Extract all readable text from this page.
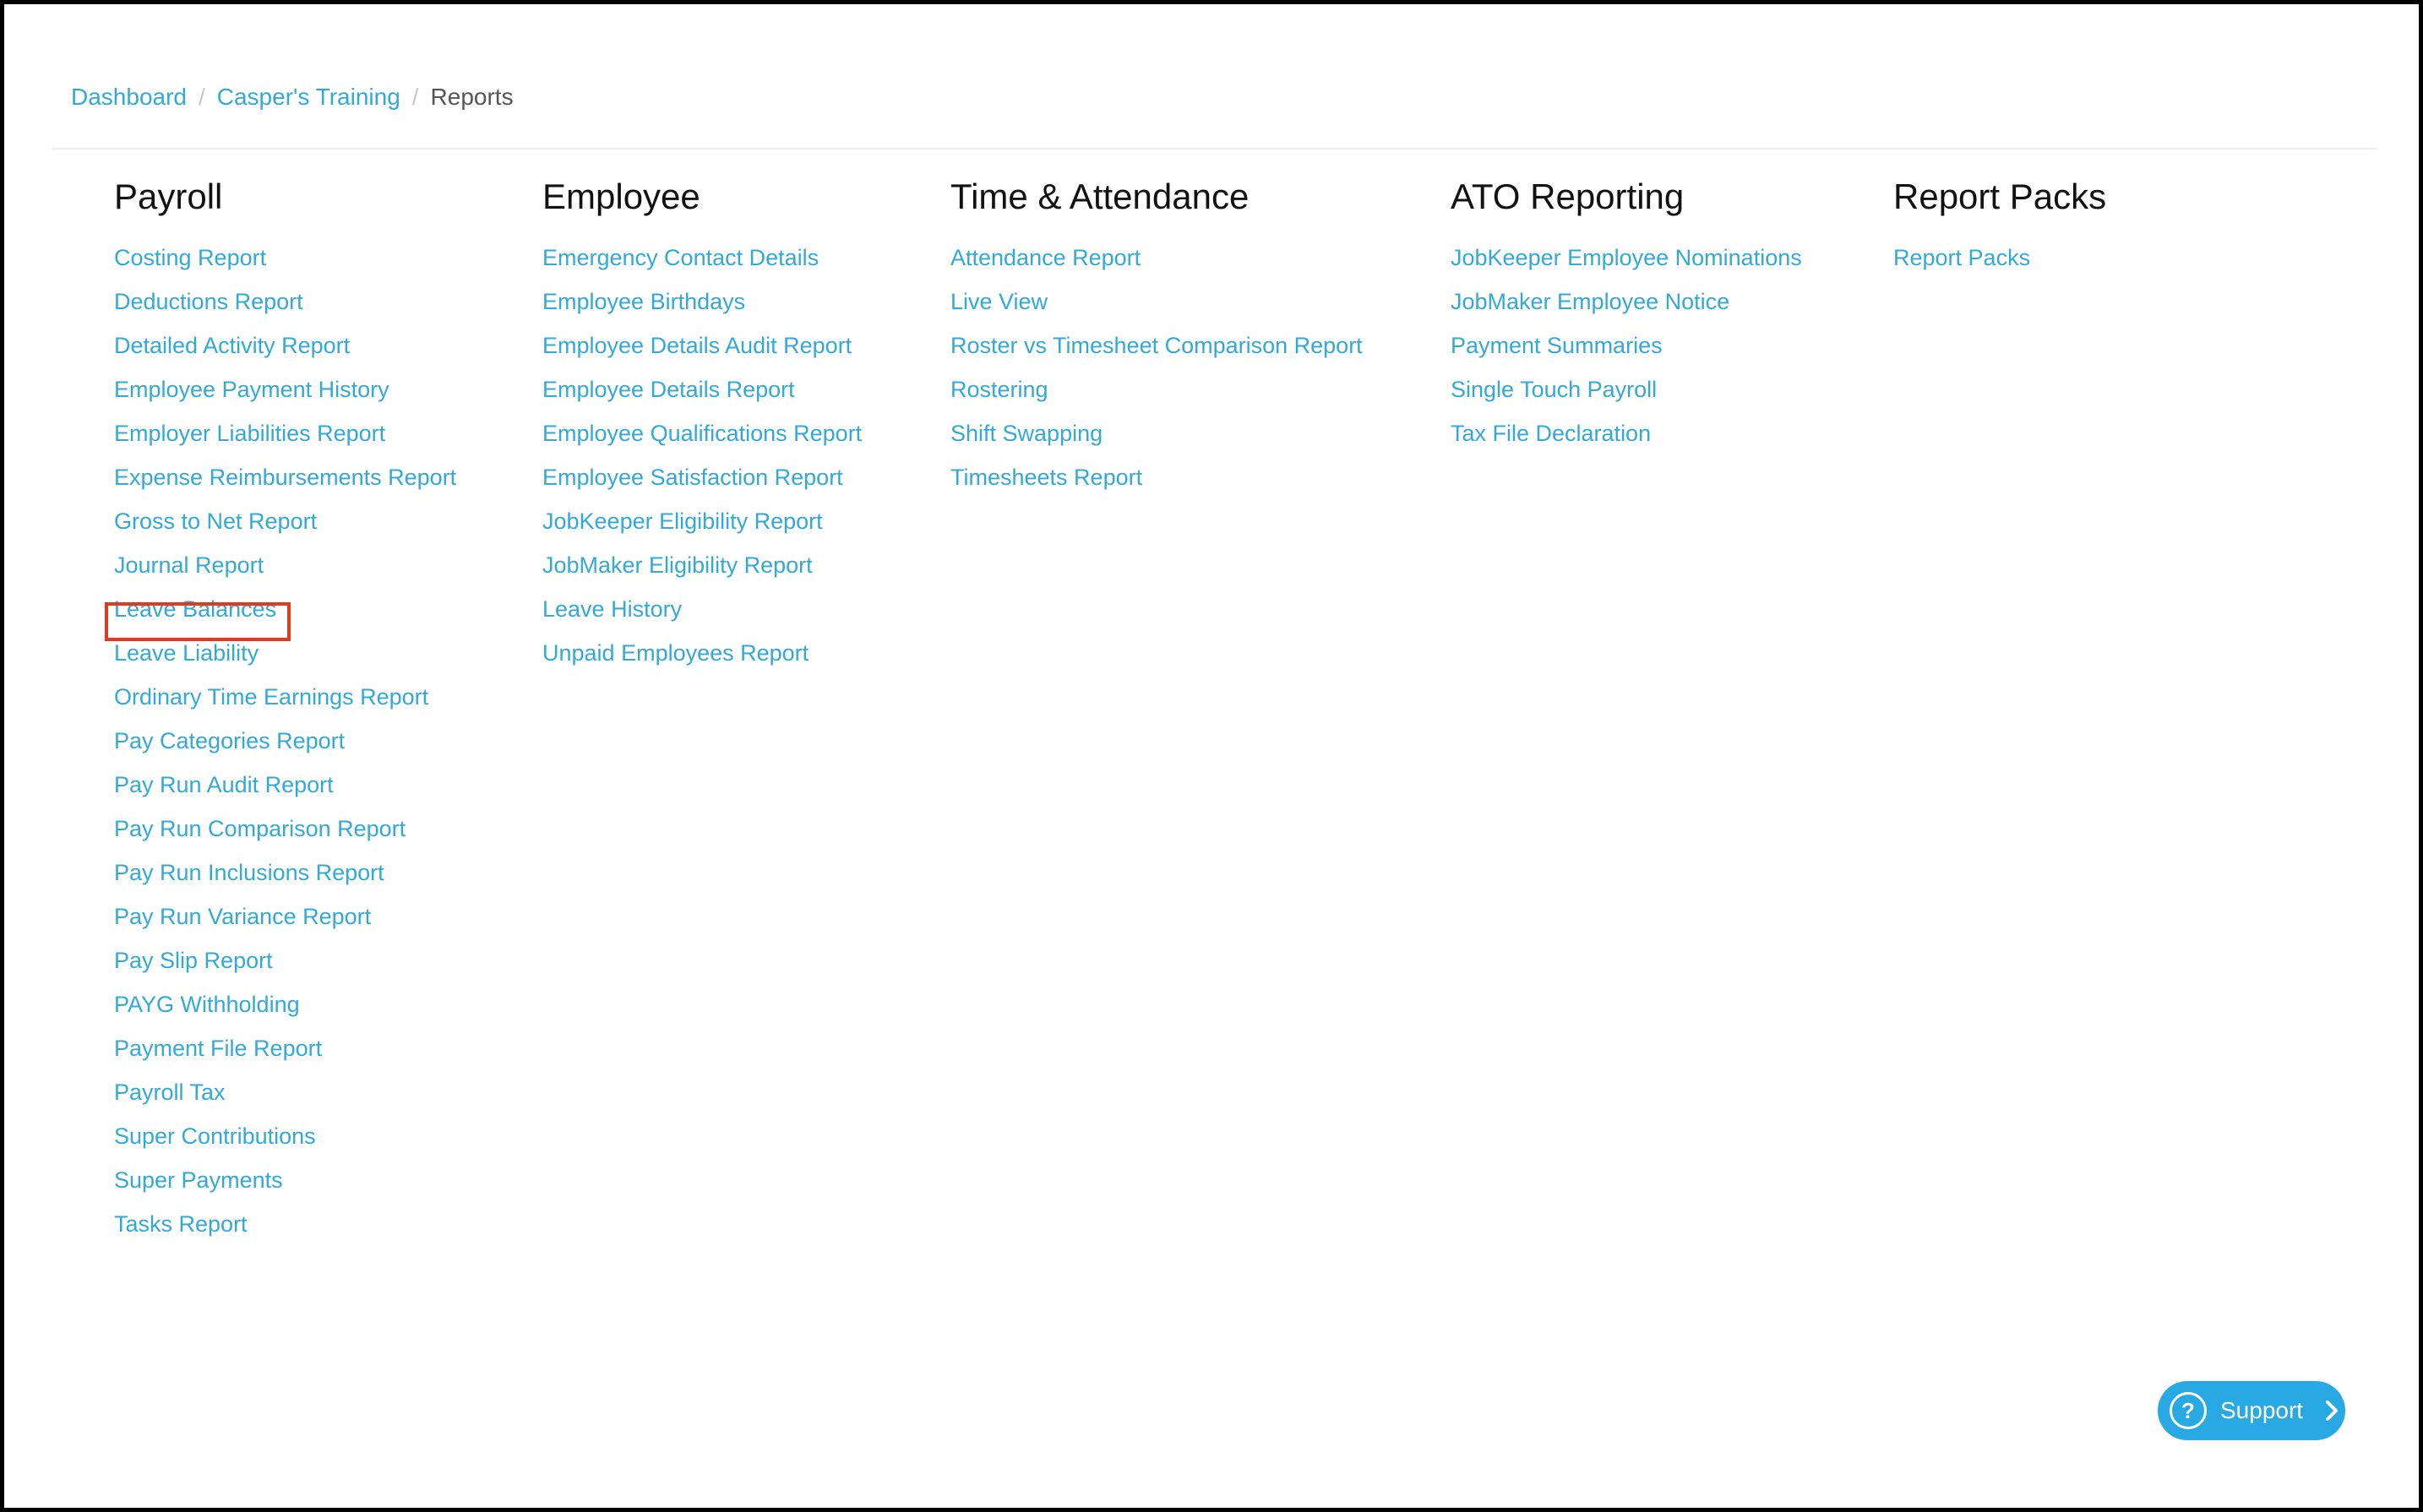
Dashboard / Casper's Training / Reports
Payroll
Costing Report
Deductions Report
Detailed Activity Report
Employee Payment History
Employer Liabilities Report
Expense Reimbursements Report
Gross to Net Report
Journal Report
Leave Balances
Leave Liability
Ordinary Time Earnings Report
Pay Categories Report
Pay Run Audit Report
Pay Run Comparison Report
Pay Run Inclusions Report
Pay Run Variance Report
Pay Slip Report
PAYG Withholding
Payment File Report
Payroll Tax
Super Contributions
Super Payments
Tasks Report
Employee
Emergency Contact Details
Employee Birthdays
Employee Details Audit Report
Employee Details Report
Employee Qualifications Report
Employee Satisfaction Report
JobKeeper Eligibility Report
JobMaker Eligibility Report
Leave History
Unpaid Employees Report
Time & Attendance
Attendance Report
Live View
Roster vs Timesheet Comparison Report
Rostering
Shift Swapping
Timesheets Report
ATO Reporting
JobKeeper Employee Nominations
JobMaker Employee Notice
Payment Summaries
Single Touch Payroll
Tax File Declaration
Report Packs
Report Packs
?	Support
